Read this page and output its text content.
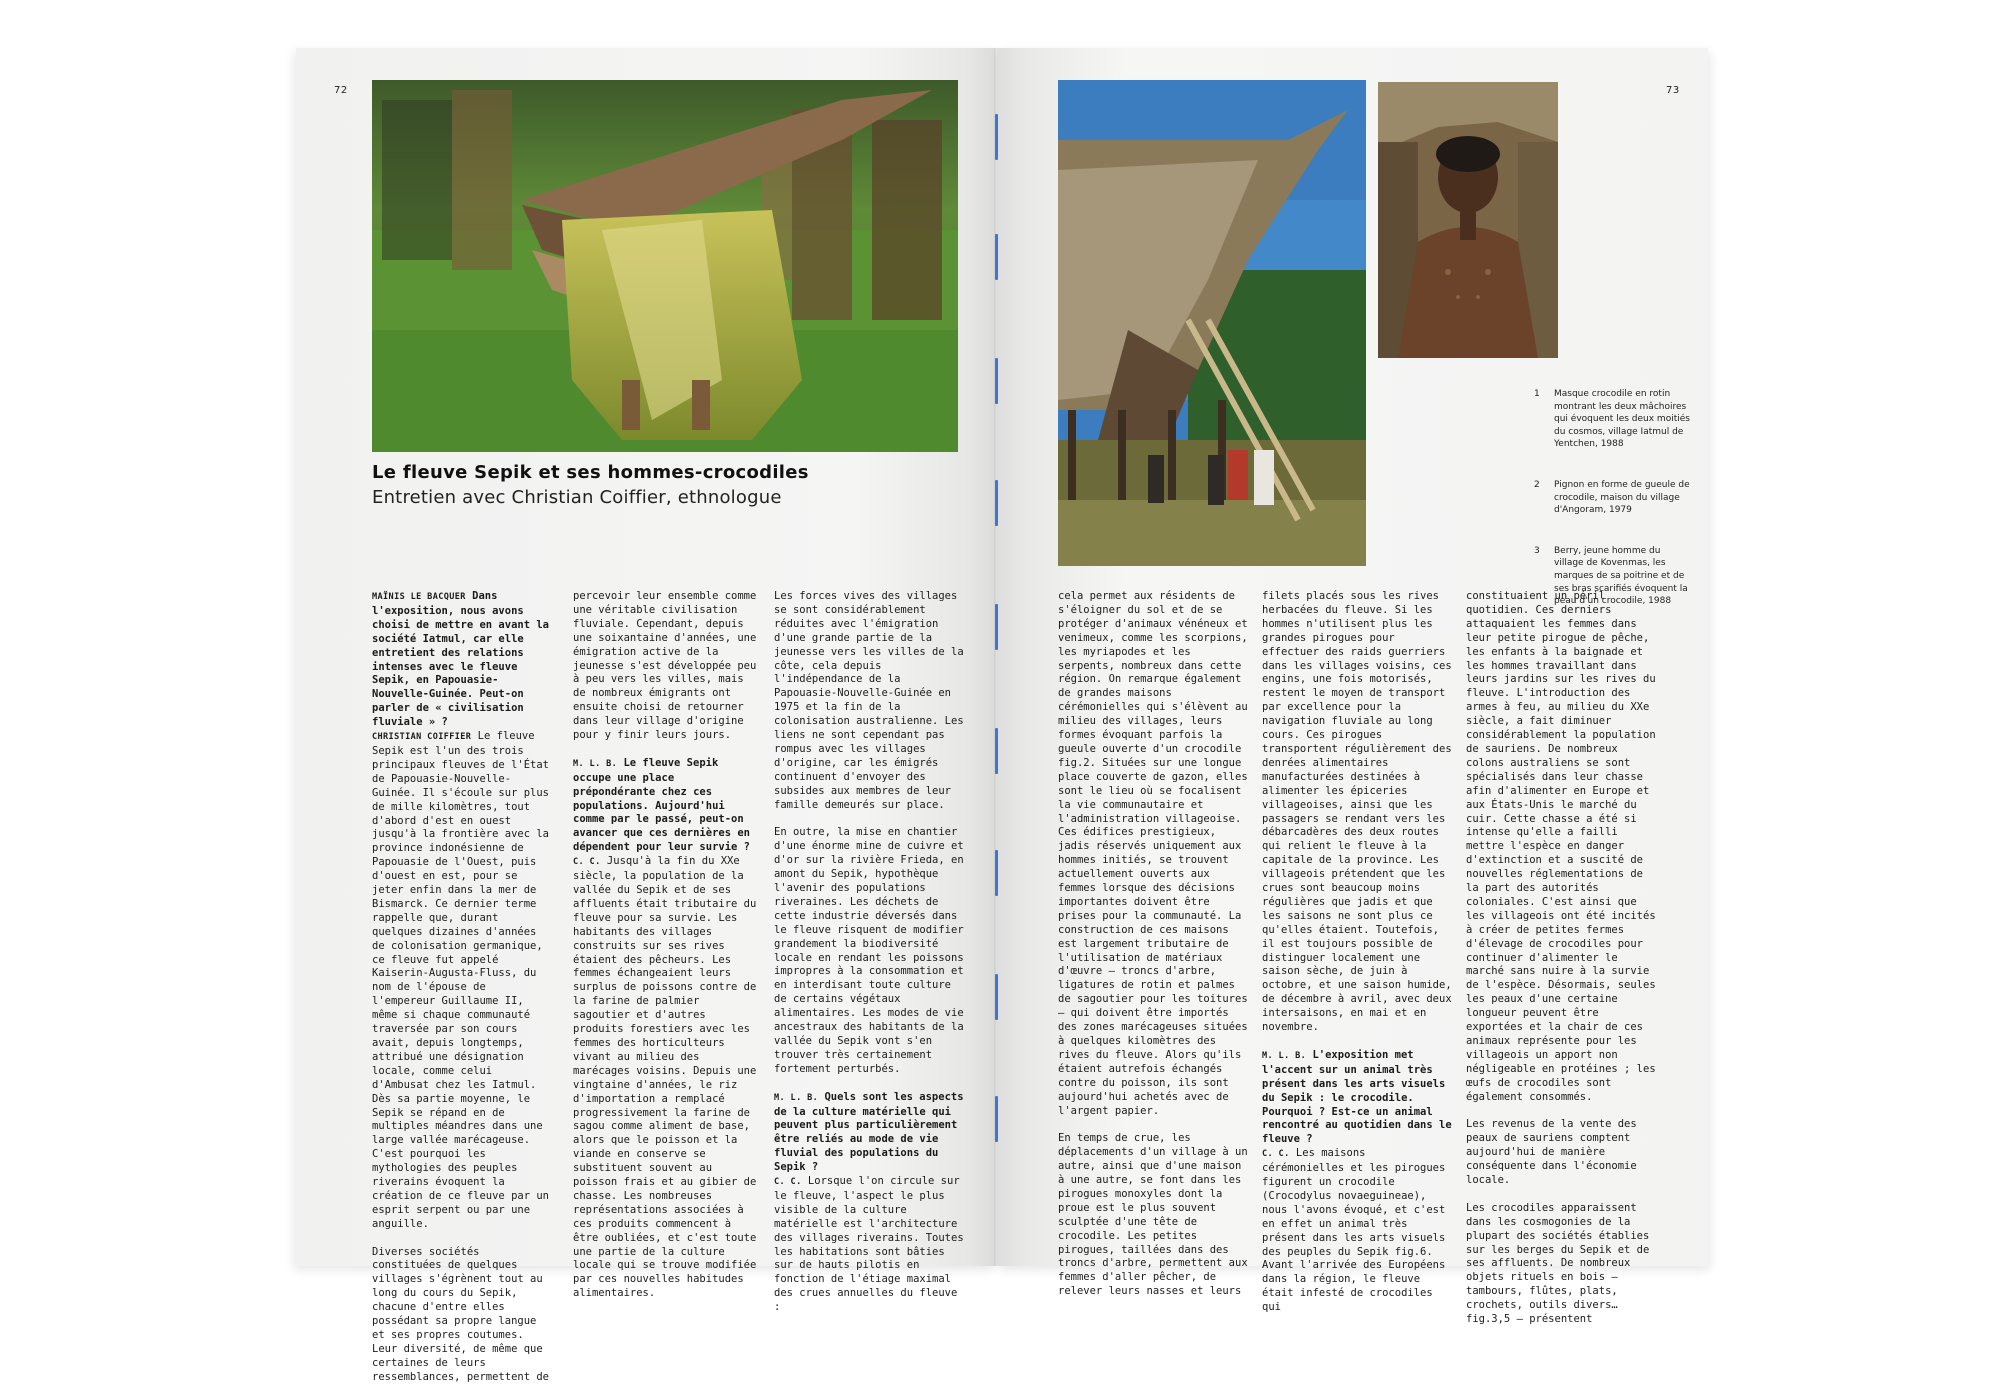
72
Le fleuve Sepik et ses hommes-crocodiles
Entretien avec Christian Coiffier, ethnologue

MAÏNIS LE BACQUER Dans l'exposition, nous avons choisi de mettre en avant la société Iatmul, car elle entretient des relations intenses avec le fleuve Sepik, en Papouasie-Nouvelle-Guinée. Peut-on parler de « civilisation fluviale » ?
CHRISTIAN COIFFIER Le fleuve Sepik est l'un des trois principaux fleuves de l'État de Papouasie-Nouvelle-Guinée. Il s'écoule sur plus de mille kilomètres, tout d'abord d'est en ouest jusqu'à la frontière avec la province indonésienne de Papouasie de l'Ouest, puis d'ouest en est, pour se jeter enfin dans la mer de Bismarck. Ce dernier terme rappelle que, durant quelques dizaines d'années de colonisation germanique, ce fleuve fut appelé Kaiserin-Augusta-Fluss, du nom de l'épouse de l'empereur Guillaume II, même si chaque communauté traversée par son cours avait, depuis longtemps, attribué une désignation locale, comme celui d'Ambusat chez les Iatmul. Dès sa partie moyenne, le Sepik se répand en de multiples méandres dans une large vallée marécageuse. C'est pourquoi les mythologies des peuples riverains évoquent la création de ce fleuve par un esprit serpent ou par une anguille.

Diverses sociétés constituées de quelques villages s'égrènent tout au long du cours du Sepik, chacune d'entre elles possédant sa propre langue et ses propres coutumes. Leur diversité, de même que certaines de leurs ressemblances, permettent de

percevoir leur ensemble comme une véritable civilisation fluviale. Cependant, depuis une soixantaine d'années, une émigration active de la jeunesse s'est développée peu à peu vers les villes, mais de nombreux émigrants ont ensuite choisi de retourner dans leur village d'origine pour y finir leurs jours.

M. L. B. Le fleuve Sepik occupe une place prépondérante chez ces populations. Aujourd'hui comme par le passé, peut-on avancer que ces dernières en dépendent pour leur survie ?
C. C. Jusqu'à la fin du XXe siècle, la population de la vallée du Sepik et de ses affluents était tributaire du fleuve pour sa survie. Les habitants des villages construits sur ses rives étaient des pêcheurs. Les femmes échangeaient leurs surplus de poissons contre de la farine de palmier sagoutier et d'autres produits forestiers avec les femmes des horticulteurs vivant au milieu des marécages voisins. Depuis une vingtaine d'années, le riz d'importation a remplacé progressivement la farine de sagou comme aliment de base, alors que le poisson et la viande en conserve se substituent souvent au poisson frais et au gibier de chasse. Les nombreuses représentations associées à ces produits commencent à être oubliées, et c'est toute une partie de la culture locale qui se trouve modifiée par ces nouvelles habitudes alimentaires.

Les forces vives des villages se sont considérablement réduites avec l'émigration d'une grande partie de la jeunesse vers les villes de la côte, cela depuis l'indépendance de la Papouasie-Nouvelle-Guinée en 1975 et la fin de la colonisation australienne. Les liens ne sont cependant pas rompus avec les villages d'origine, car les émigrés continuent d'envoyer des subsides aux membres de leur famille demeurés sur place.

En outre, la mise en chantier d'une énorme mine de cuivre et d'or sur la rivière Frieda, en amont du Sepik, hypothèque l'avenir des populations riveraines. Les déchets de cette industrie déversés dans le fleuve risquent de modifier grandement la biodiversité locale en rendant les poissons impropres à la consommation et en interdisant toute culture de certains végétaux alimentaires. Les modes de vie ancestraux des habitants de la vallée du Sepik vont s'en trouver très certainement fortement perturbés.

M. L. B. Quels sont les aspects de la culture matérielle qui peuvent plus particulièrement être reliés au mode de vie fluvial des populations du Sepik ?
C. C. Lorsque l'on circule sur le fleuve, l'aspect le plus visible de la culture matérielle est l'architecture des villages riverains. Toutes les habitations sont bâties sur de hauts pilotis en fonction de l'étiage maximal des crues annuelles du fleuve :

73
1	Masque crocodile en rotin montrant les deux mâchoires qui évoquent les deux moitiés du cosmos, village Iatmul de Yentchen, 1988
2	Pignon en forme de gueule de crocodile, maison du village d'Angoram, 1979
3	Berry, jeune homme du village de Kovenmas, les marques de sa poitrine et de ses bras scarifiés évoquent la peau d'un crocodile, 1988

cela permet aux résidents de s'éloigner du sol et de se protéger d'animaux vénéneux et venimeux, comme les scorpions, les myriapodes et les serpents, nombreux dans cette région. On remarque également de grandes maisons cérémonielles qui s'élèvent au milieu des villages, leurs formes évoquant parfois la gueule ouverte d'un crocodile fig.2. Situées sur une longue place couverte de gazon, elles sont le lieu où se focalisent la vie communautaire et l'administration villageoise. Ces édifices prestigieux, jadis réservés uniquement aux hommes initiés, se trouvent actuellement ouverts aux femmes lorsque des décisions importantes doivent être prises pour la communauté. La construction de ces maisons est largement tributaire de l'utilisation de matériaux d'œuvre – troncs d'arbre, ligatures de rotin et palmes de sagoutier pour les toitures – qui doivent être importés des zones marécageuses situées à quelques kilomètres des rives du fleuve. Alors qu'ils étaient autrefois échangés contre du poisson, ils sont aujourd'hui achetés avec de l'argent papier.

En temps de crue, les déplacements d'un village à un autre, ainsi que d'une maison à une autre, se font dans les pirogues monoxyles dont la proue est le plus souvent sculptée d'une tête de crocodile. Les petites pirogues, taillées dans des troncs d'arbre, permettent aux femmes d'aller pêcher, de relever leurs nasses et leurs

filets placés sous les rives herbacées du fleuve. Si les hommes n'utilisent plus les grandes pirogues pour effectuer des raids guerriers dans les villages voisins, ces engins, une fois motorisés, restent le moyen de transport par excellence pour la navigation fluviale au long cours. Ces pirogues transportent régulièrement des denrées alimentaires manufacturées destinées à alimenter les épiceries villageoises, ainsi que les passagers se rendant vers les débarcadères des deux routes qui relient le fleuve à la capitale de la province. Les villageois prétendent que les crues sont beaucoup moins régulières que jadis et que les saisons ne sont plus ce qu'elles étaient. Toutefois, il est toujours possible de distinguer localement une saison sèche, de juin à octobre, et une saison humide, de décembre à avril, avec deux intersaisons, en mai et en novembre.

M. L. B. L'exposition met l'accent sur un animal très présent dans les arts visuels du Sepik : le crocodile. Pourquoi ? Est-ce un animal rencontré au quotidien dans le fleuve ?
C. C. Les maisons cérémonielles et les pirogues figurent un crocodile (Crocodylus novaeguineae), nous l'avons évoqué, et c'est en effet un animal très présent dans les arts visuels des peuples du Sepik fig.6. Avant l'arrivée des Européens dans la région, le fleuve était infesté de crocodiles qui

constituaient un péril quotidien. Ces derniers attaquaient les femmes dans leur petite pirogue de pêche, les enfants à la baignade et les hommes travaillant dans leurs jardins sur les rives du fleuve. L'introduction des armes à feu, au milieu du XXe siècle, a fait diminuer considérablement la population de sauriens. De nombreux colons australiens se sont spécialisés dans leur chasse afin d'alimenter en Europe et aux États-Unis le marché du cuir. Cette chasse a été si intense qu'elle a failli mettre l'espèce en danger d'extinction et a suscité de nouvelles réglementations de la part des autorités coloniales. C'est ainsi que les villageois ont été incités à créer de petites fermes d'élevage de crocodiles pour continuer d'alimenter le marché sans nuire à la survie de l'espèce. Désormais, seules les peaux d'une certaine longueur peuvent être exportées et la chair de ces animaux représente pour les villageois un apport non négligeable en protéines ; les œufs de crocodiles sont également consommés.

Les revenus de la vente des peaux de sauriens comptent aujourd'hui de manière conséquente dans l'économie locale.

Les crocodiles apparaissent dans les cosmogonies de la plupart des sociétés établies sur les berges du Sepik et de ses affluents. De nombreux objets rituels en bois – tambours, flûtes, plats, crochets, outils divers… fig.3,5 – présentent
